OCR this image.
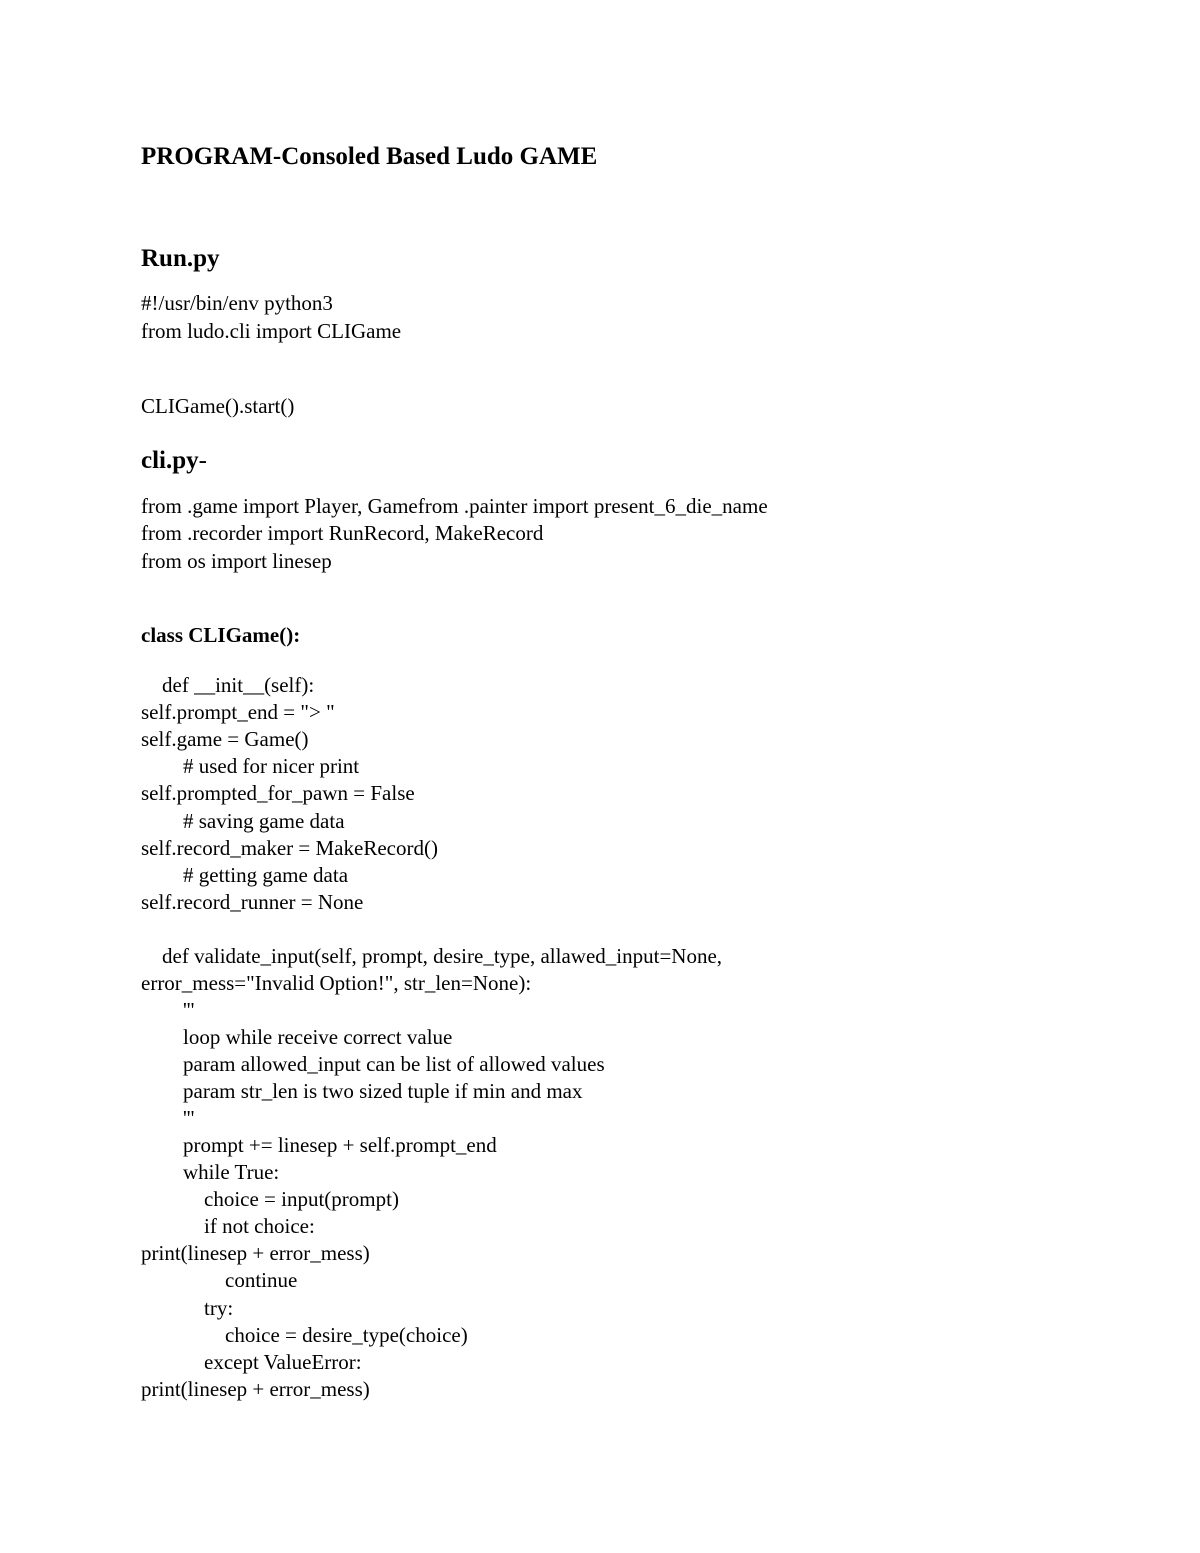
PROGRAM-Consoled Based Ludo GAME
Run.py
#!/usr/bin/env python3
from ludo.cli import CLIGame
CLIGame().start()
cli.py-
from .game import Player, Gamefrom .painter import present_6_die_name
from .recorder import RunRecord, MakeRecord
from os import linesep
class CLIGame():
def __init__(self):
self.prompt_end = "> "
self.game = Game()
# used for nicer print
self.prompted_for_pawn = False
# saving game data
self.record_maker = MakeRecord()
# getting game data
self.record_runner = None
def validate_input(self, prompt, desire_type, allawed_input=None,
error_mess="Invalid Option!", str_len=None):
'''
loop while receive correct value
param allowed_input can be list of allowed values
param str_len is two sized tuple if min and max
'''
prompt += linesep + self.prompt_end
while True:
choice = input(prompt)
if not choice:
print(linesep + error_mess)
continue
try:
choice = desire_type(choice)
except ValueError:
print(linesep + error_mess)
